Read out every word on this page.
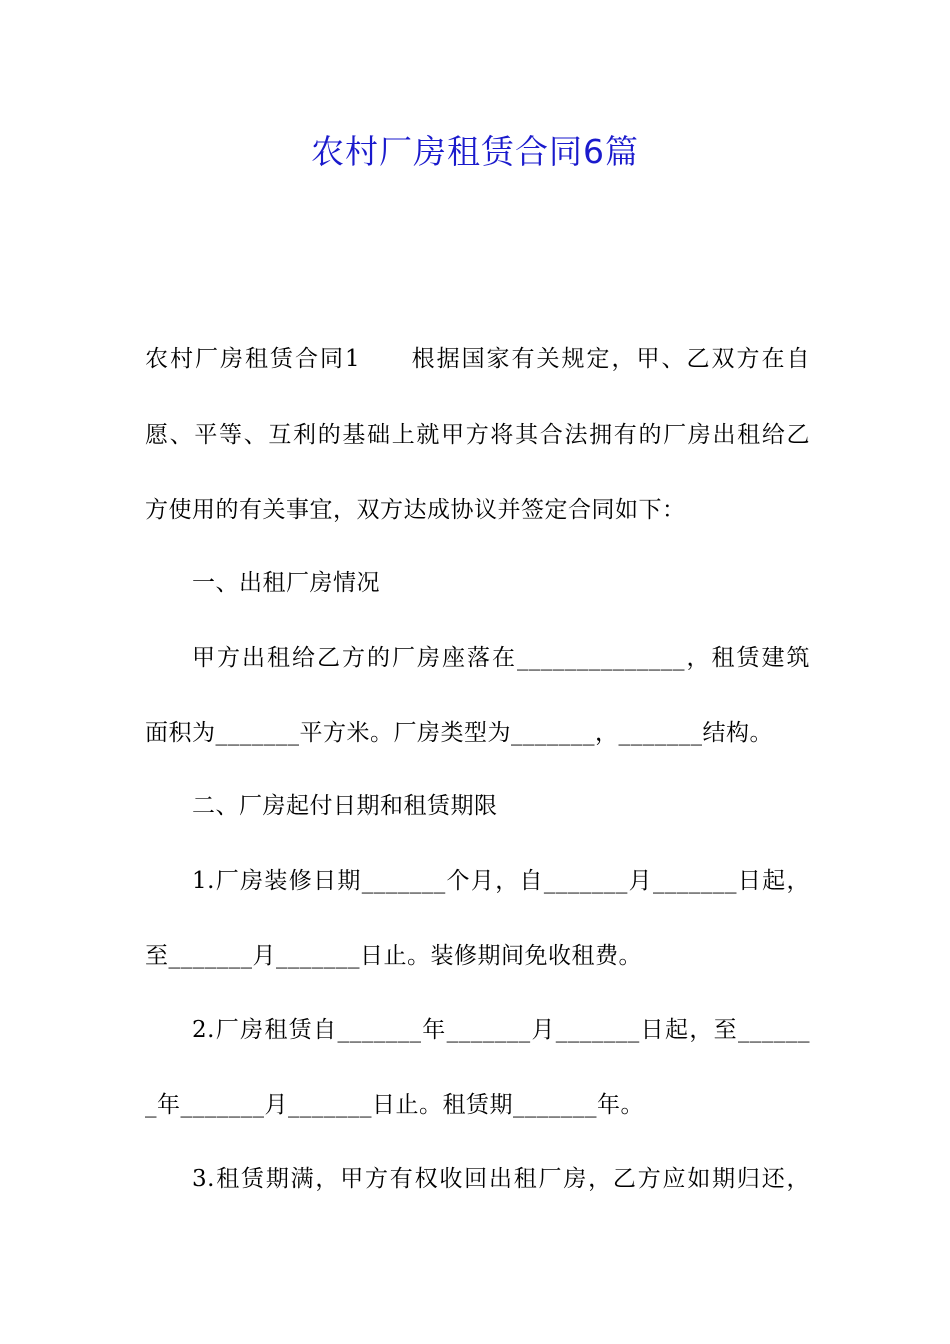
农村厂房租赁合同6篇
农村厂房租赁合同1　　根据国家有关规定，甲、乙双方在自
愿、平等、互利的基础上就甲方将其合法拥有的厂房出租给乙
方使用的有关事宜，双方达成协议并签定合同如下：
一、出租厂房情况
甲方出租给乙方的厂房座落在______________，租赁建筑
面积为_______平方米。厂房类型为_______，_______结构。
二、厂房起付日期和租赁期限
1.厂房装修日期_______个月，自_______月_______日起，
至_______月_______日止。装修期间免收租费。
2.厂房租赁自_______年_______月_______日起，至______
_年_______月_______日止。租赁期_______年。
3.租赁期满，甲方有权收回出租厂房，乙方应如期归还，
